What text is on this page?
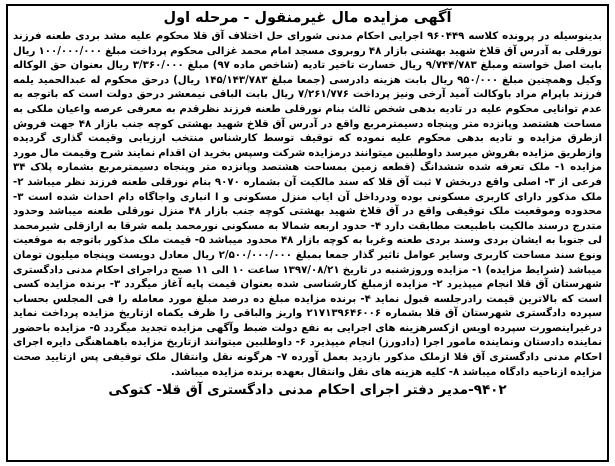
آگهی مزایده مال غیرمنقول - مرحله اول
بدینوسیله در پرونده کلاسه ۹۶۰۴۴۹ اجرایی احکام مدنی شورای حل اختلاف آق قلا محکوم علیه مشد بردی طعنه فرزند نورقلی به آدرس آق قلاخ شهید بهشتی بازار ۴۸ روبروی مسجد امام محمد غزالی محکوم پرداخت مبلغ ۱۰۰/۰۰۰/۰۰۰ ریال بابت اصل خواسته ومبلغ ۹/۷۴۴/۷۸۳ ریال خسارت تاخیر تادیه (شاخص ماده ۹۷) مبلغ ۳/۳۶۰/۰۰۰ ریال بعنوان حق الوکاله وکیل وهمچنین مبلغ ۹۵۰/۰۰۰ ریال بابت هزینه دادرسی (جمعا مبلغ ۱۴۵/۱۴۳/۷۸۳ ریال) درحق محکوم له عبدالحمید یلمه فرزند باپرام مراد باوکالت آمید آرخی ونیز پرداخت ۷/۲۶۱/۷۷۶ ریال بابت الباقی نیمعشر درحق دولت است که باتوجه به عدم توانایی محکوم علیه در تادیه بدهی شخص ثالث بنام نورقلی طعنه فرزند نظرقدم به معرفی عرصه واعیان ملکی به مساحت هشتصد وپانزده متر وپنجاه دسیمترمربع واقع در آدرس آق قلاخ شهید بهشتی کوچه جنب بازار ۴۸ جهت فروش ازطرق مزایده و تادیه بدهی محکوم علیه نموده که توقیف توسط کارشناس منتخب ارزیابی وقیمت گذاری گردیده وازطریق مزایده بفروش میرسد داوطلبین میتوانند درمزایده شرکت وسپس بخرید ان اقدام نمایند شرح وقیمت مال مورد مزایده ۱- ملک تعرفه شده ششدانگ (قطعه زمین بمساحت هشتصد وپانزده متر وپنجاه دسیمترمربع بشماره پلاک ۳۴ فرعی از ۳- اصلی واقع دربخش ۷ ثبت آق قلا که سند مالکیت آن بشماره ۹۰۷۰ بنام نورقلی طعنه فرزند نظر میباشد ۲- ملک مذکور دارای کاربری مسکونی بوده ودرداخل آن ایاب منزل مسکونی و ا انباری واجاگاه دام احداث شده است ۳- محدوده وموقعیت ملک توقیفی واقع در آق قلاخ شهید بهشتی کوچه جنب بازار ۴۸ منزل نورقلی طعنه میباشد وحدود متدرج درسند مالکیت باطبیعت مطابقت دارد ۴- حدود اربعه شمالا به مسکونی نورمحمد یلمه شرقا به ارازقلی شیرمحمد لی جنوبا به ایشان بردی وسند بردی طعنه وغربا به کوچه بازار ۴۸ محدود میباشد ۵- قیمت ملک مذکور باتوجه به موقعیت ونوع سند مساحت کاربری وسایر عوامل تاثیر گذار جمعا بمبلغ ۲/۵۰۰/۰۰۰/۰۰۰ ریال معادل دویست وپنجاه میلیون تومان میباشد (شرایط مزایده) ۱- مزایده وروزشنبه در تاریخ ۱۳۹۷/۰۸/۲۱ ساعت ۱۰ الی ۱۱ صبح دراجرای احکام مدنی دادگستری شهرستان آق قلا انجام میپذیرد ۲- مزایده ازمبلغ کارشناسی شده بعنوان قیمت پایه آغاز میگردد ۳- برنده مزایده کسی است که بالاترین قیمت رادرجلسه قبول نماید ۴- برنده مزایده مبلغ ده درصد مبلغ مورد معامله را فی المجلس بحساب سپرده دادگستری شهرستان آق قلا بشماره ۲۱۷۱۳۹۶۴۶۰۰۶ واریز والباقی را ظرف یکماه ازتاریخ مزایده پرداخت نماید درغیراینصورت سپرده اویس ازکسرهزینه های اجرایی به نفع دولت ضبط وآگهی مزایده تجدید میگردد ۵- مزایده باحضور نماینده دادستان ونماینده مامور اجرا (دادورز) انجام میپذیرد ۶- داوطلبین میتوانند ازتاریخ مزایده باهماهنگی دایره اجرای احکام مدنی دادگستری آق قلا ازملک مذکور بازدید بعمل آورده ۷- هرگونه نقل وانتقال ملک توقیفی پس ازتایید صحت مزایده ازناحیه دادگاه میباشد ۸- کلیه هزینه های نقل وانتقال بعهده برنده مزایده میباشد.
۹۴۰۲-مدیر دفتر اجرای احکام مدنی دادگستری آق قلا- کتوکی
